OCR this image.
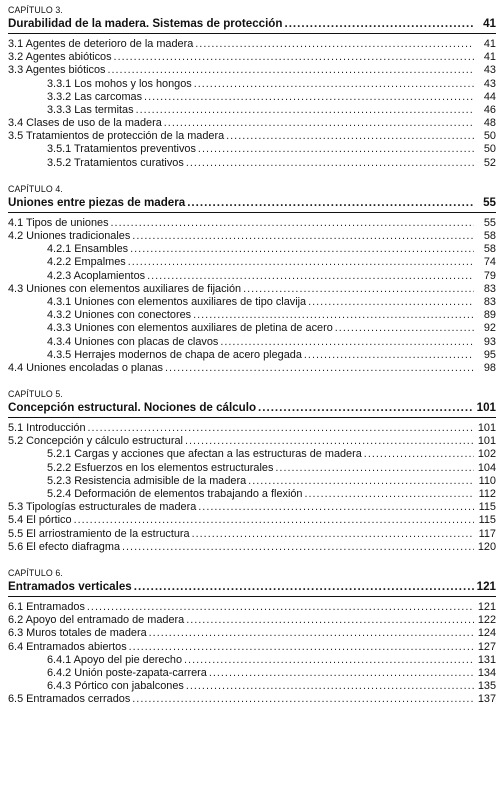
CAPÍTULO 3.
Durabilidad de la madera. Sistemas de protección .....	41
3.1 Agentes de deterioro de la madera .....	41
3.2 Agentes abióticos .....	41
3.3 Agentes bióticos .....	43
3.3.1 Los mohos y los hongos .....	43
3.3.2 Las carcomas .....	44
3.3.3 Las termitas .....	46
3.4 Clases de uso de la madera .....	48
3.5 Tratamientos de protección de la madera .....	50
3.5.1 Tratamientos preventivos .....	50
3.5.2 Tratamientos curativos .....	52
CAPÍTULO 4.
Uniones entre piezas de madera .....	55
4.1 Tipos de uniones .....	55
4.2 Uniones tradicionales .....	58
4.2.1 Ensambles .....	58
4.2.2 Empalmes .....	74
4.2.3 Acoplamientos .....	79
4.3 Uniones con elementos auxiliares de fijación .....	83
4.3.1 Uniones con elementos auxiliares de tipo clavija .....	83
4.3.2 Uniones con conectores .....	89
4.3.3 Uniones con elementos auxiliares de pletina de acero .....	92
4.3.4 Uniones con placas de clavos .....	93
4.3.5 Herrajes modernos de chapa de acero plegada .....	95
4.4 Uniones encoladas o planas .....	98
CAPÍTULO 5.
Concepción estructural. Nociones de cálculo .....	101
5.1 Introducción .....	101
5.2 Concepción y cálculo estructural .....	101
5.2.1 Cargas y acciones que afectan a las estructuras de madera .....	102
5.2.2 Esfuerzos en los elementos estructurales .....	104
5.2.3 Resistencia admisible de la madera .....	110
5.2.4 Deformación de elementos trabajando a flexión .....	112
5.3 Tipologías estructurales de madera .....	115
5.4 El pórtico .....	115
5.5 El arriostramiento de la estructura .....	117
5.6 El efecto diafragma .....	120
CAPÍTULO 6.
Entramados verticales .....	121
6.1 Entramados .....	121
6.2 Apoyo del entramado de madera .....	122
6.3 Muros totales de madera .....	124
6.4 Entramados abiertos .....	127
6.4.1 Apoyo del pie derecho .....	131
6.4.2 Unión poste-zapata-carrera .....	134
6.4.3 Pórtico con jabalcones .....	135
6.5 Entramados cerrados .....	137
